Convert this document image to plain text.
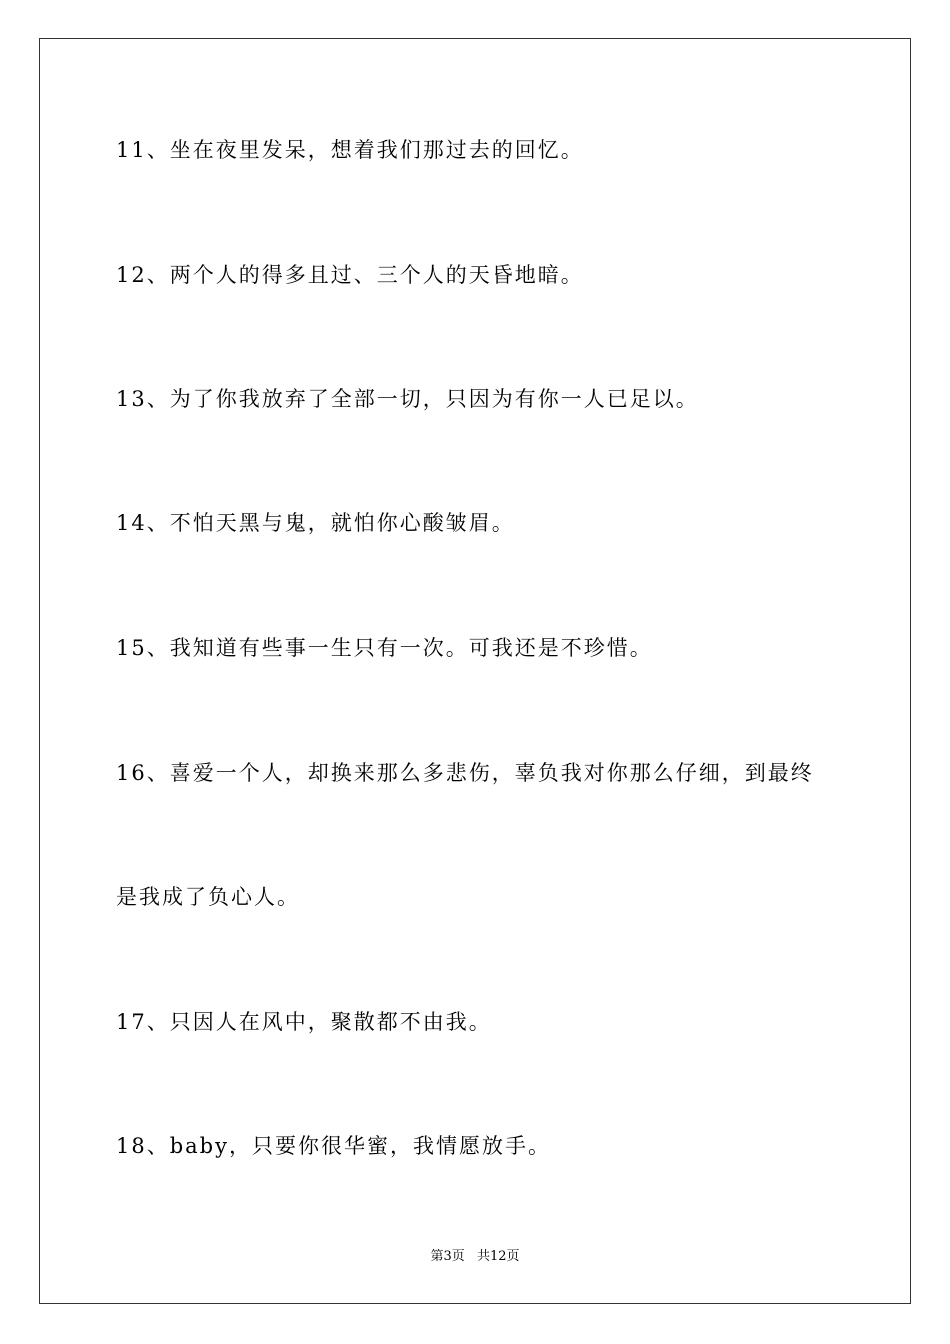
11、坐在夜里发呆，想着我们那过去的回忆。
12、两个人的得多且过、三个人的天昏地暗。
13、为了你我放弃了全部一切，只因为有你一人已足以。
14、不怕天黑与鬼，就怕你心酸皱眉。
15、我知道有些事一生只有一次。可我还是不珍惜。
16、喜爱一个人，却换来那么多悲伤，辜负我对你那么仔细，到最终
是我成了负心人。
17、只因人在风中，聚散都不由我。
18、baby，只要你很华蜜，我情愿放手。
第3页 共12页
